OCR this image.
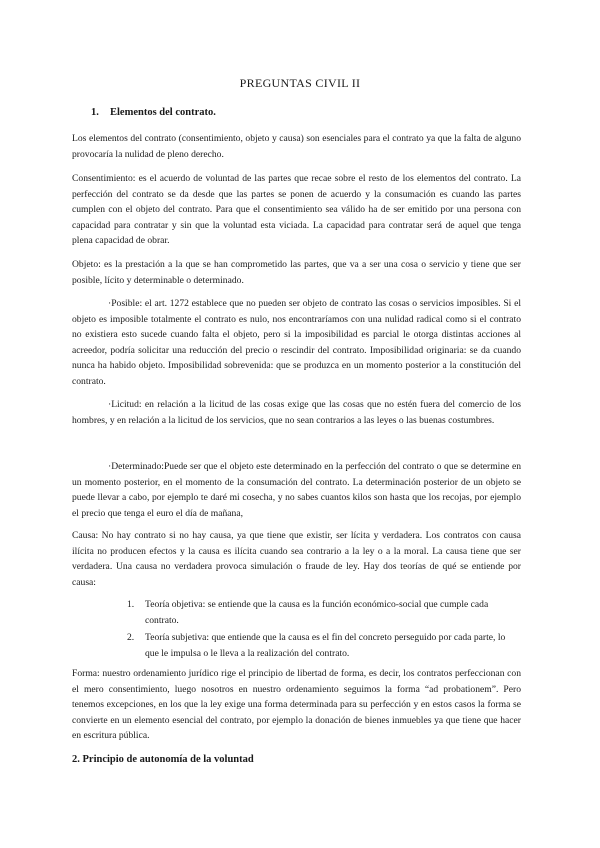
PREGUNTAS CIVIL II
1. Elementos del contrato.

Los elementos del contrato (consentimiento, objeto y causa) son esenciales para el contrato ya que la falta de alguno provocaría la nulidad de pleno derecho.

Consentimiento: es el acuerdo de voluntad de las partes que recae sobre el resto de los elementos del contrato. La perfección del contrato se da desde que las partes se ponen de acuerdo y la consumación es cuando las partes cumplen con el objeto del contrato. Para que el consentimiento sea válido ha de ser emitido por una persona con capacidad para contratar y sin que la voluntad esta viciada. La capacidad para contratar será de aquel que tenga plena capacidad de obrar.

Objeto: es la prestación a la que se han comprometido las partes, que va a ser una cosa o servicio y tiene que ser posible, lícito y determinable o determinado.

·Posible: el art. 1272 establece que no pueden ser objeto de contrato las cosas o servicios imposibles. Si el objeto es imposible totalmente el contrato es nulo, nos encontraríamos con una nulidad radical como si el contrato no existiera esto sucede cuando falta el objeto, pero si la imposibilidad es parcial le otorga distintas acciones al acreedor, podría solicitar una reducción del precio o rescindir del contrato. Imposibilidad originaria: se da cuando nunca ha habido objeto. Imposibilidad sobrevenida: que se produzca en un momento posterior a la constitución del contrato.

·Licitud: en relación a la licitud de las cosas exige que las cosas que no estén fuera del comercio de los hombres, y en relación a la licitud de los servicios, que no sean contrarios a las leyes o las buenas costumbres.

·Determinado:Puede ser que el objeto este determinado en la perfección del contrato o que se determine en un momento posterior, en el momento de la consumación del contrato. La determinación posterior de un objeto se puede llevar a cabo, por ejemplo te daré mi cosecha, y no sabes cuantos kilos son hasta que los recojas, por ejemplo el precio que tenga el euro el día de mañana,

Causa: No hay contrato si no hay causa, ya que tiene que existir, ser lícita y verdadera. Los contratos con causa ilícita no producen efectos y la causa es ilícita cuando sea contrario a la ley o a la moral. La causa tiene que ser verdadera. Una causa no verdadera provoca simulación o fraude de ley. Hay dos teorías de qué se entiende por causa:

1. Teoría objetiva: se entiende que la causa es la función económico-social que cumple cada contrato.
2. Teoría subjetiva: que entiende que la causa es el fin del concreto perseguido por cada parte, lo que le impulsa o le lleva a la realización del contrato.

Forma: nuestro ordenamiento jurídico rige el principio de libertad de forma, es decir, los contratos perfeccionan con el mero consentimiento, luego nosotros en nuestro ordenamiento seguimos la forma “ad probationem”. Pero tenemos excepciones, en los que la ley exige una forma determinada para su perfección y en estos casos la forma se convierte en un elemento esencial del contrato, por ejemplo la donación de bienes inmuebles ya que tiene que hacer en escritura pública.

2. Principio de autonomía de la voluntad
